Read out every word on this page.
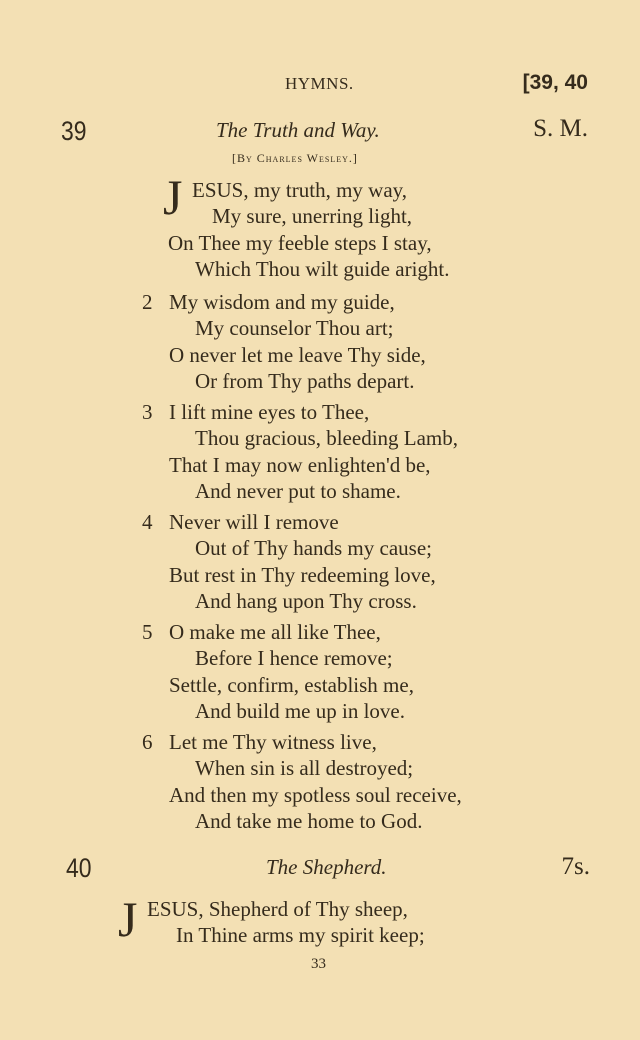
HYMNS.	[39, 40
39	The Truth and Way.	S. M.
[By Charles Wesley.]
J ESUS, my truth, my way,
My sure, unerring light,
On Thee my feeble steps I stay,
Which Thou wilt guide aright.
2 My wisdom and my guide,
My counselor Thou art;
O never let me leave Thy side,
Or from Thy paths depart.
3 I lift mine eyes to Thee,
Thou gracious, bleeding Lamb,
That I may now enlighten'd be,
And never put to shame.
4 Never will I remove
Out of Thy hands my cause;
But rest in Thy redeeming love,
And hang upon Thy cross.
5 O make me all like Thee,
Before I hence remove;
Settle, confirm, establish me,
And build me up in love.
6 Let me Thy witness live,
When sin is all destroyed;
And then my spotless soul receive,
And take me home to God.
40	The Shepherd.	7s.
J ESUS, Shepherd of Thy sheep,
In Thine arms my spirit keep;
33
